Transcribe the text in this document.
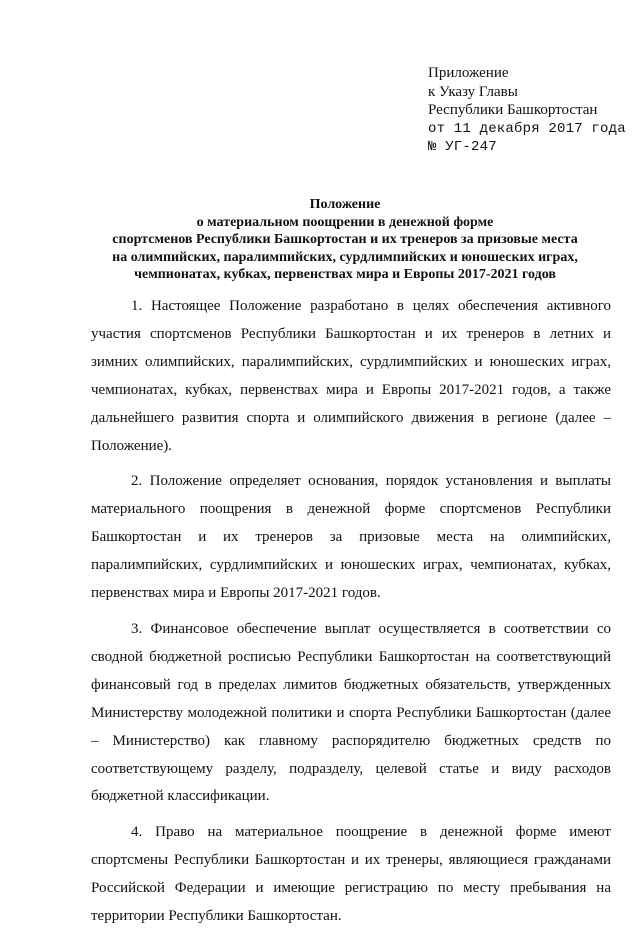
Приложение
к Указу Главы
Республики Башкортостан
от 11 декабря 2017 года
№ УГ-247
Положение
о материальном поощрении в денежной форме
спортсменов Республики Башкортостан и их тренеров за призовые места
на олимпийских, паралимпийских, сурдлимпийских и юношеских играх,
чемпионатах, кубках, первенствах мира и Европы 2017-2021 годов

1. Настоящее Положение разработано в целях обеспечения активного участия спортсменов Республики Башкортостан и их тренеров в летних и зимних олимпийских, паралимпийских, сурдлимпийских и юношеских играх, чемпионатах, кубках, первенствах мира и Европы 2017-2021 годов, а также дальнейшего развития спорта и олимпийского движения в регионе (далее – Положение).

2. Положение определяет основания, порядок установления и выплаты материального поощрения в денежной форме спортсменов Республики Башкортостан и их тренеров за призовые места на олимпийских, паралимпийских, сурдлимпийских и юношеских играх, чемпионатах, кубках, первенствах мира и Европы 2017-2021 годов.

3. Финансовое обеспечение выплат осуществляется в соответствии со сводной бюджетной росписью Республики Башкортостан на соответствующий финансовый год в пределах лимитов бюджетных обязательств, утвержденных Министерству молодежной политики и спорта Республики Башкортостан (далее – Министерство) как главному распорядителю бюджетных средств по соответствующему разделу, подразделу, целевой статье и виду расходов бюджетной классификации.

4. Право на материальное поощрение в денежной форме имеют спортсмены Республики Башкортостан и их тренеры, являющиеся гражданами Российской Федерации и имеющие регистрацию по месту пребывания на территории Республики Башкортостан.
